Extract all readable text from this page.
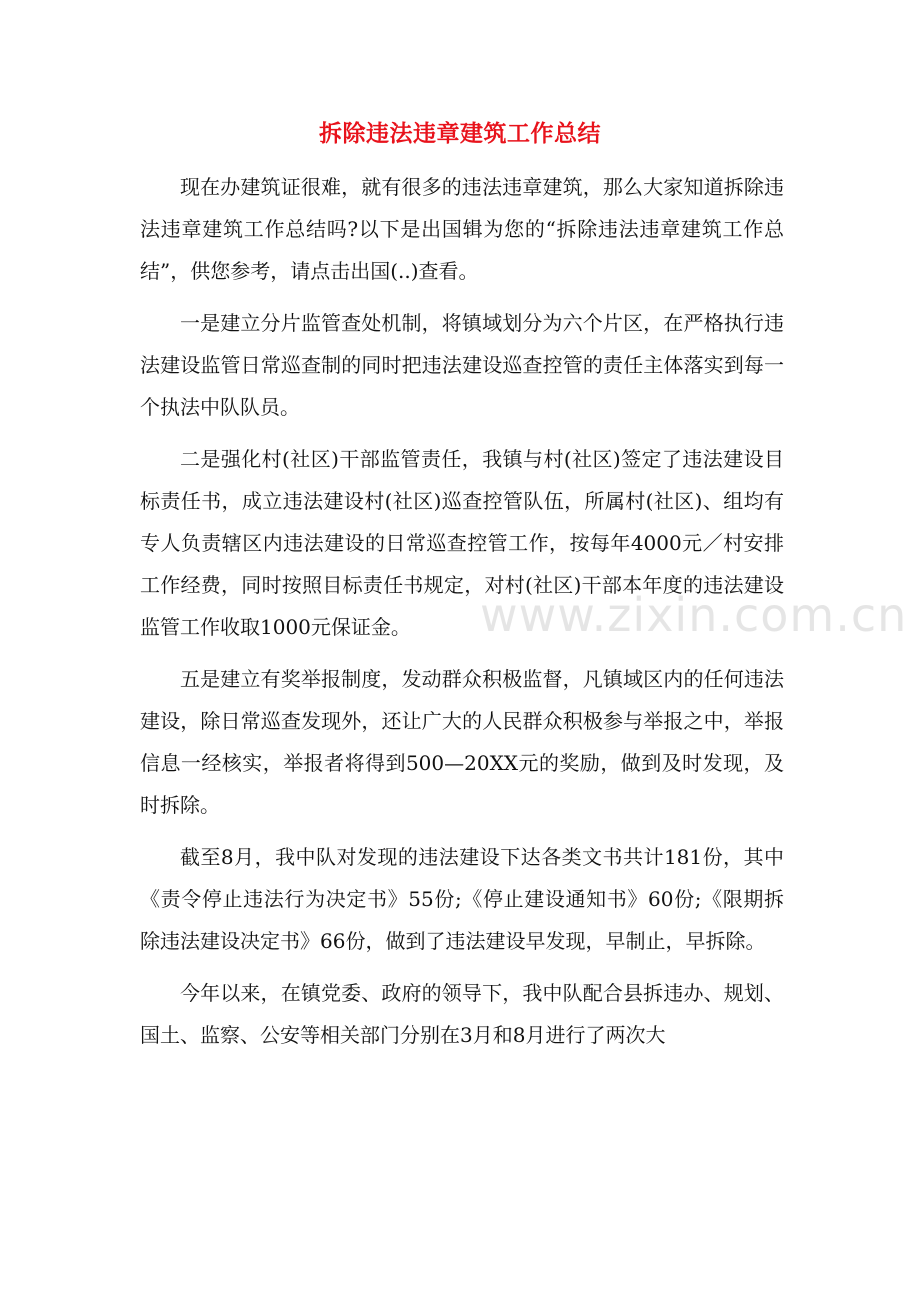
拆除违法违章建筑工作总结

现在办建筑证很难，就有很多的违法违章建筑，那么大家知道拆除违法违章建筑工作总结吗?以下是出国辑为您的“拆除违法违章建筑工作总结”，供您参考，请点击出国(..)查看。

一是建立分片监管查处机制，将镇域划分为六个片区，在严格执行违法建设监管日常巡查制的同时把违法建设巡查控管的责任主体落实到每一个执法中队队员。

二是强化村(社区)干部监管责任，我镇与村(社区)签定了违法建设目标责任书，成立违法建设村(社区)巡查控管队伍，所属村(社区)、组均有专人负责辖区内违法建设的日常巡查控管工作，按每年4000元／村安排工作经费，同时按照目标责任书规定，对村(社区)干部本年度的违法建设监管工作收取1000元保证金。

五是建立有奖举报制度，发动群众积极监督，凡镇域区内的任何违法建设，除日常巡查发现外，还让广大的人民群众积极参与举报之中，举报信息一经核实，举报者将得到500—20XX元的奖励，做到及时发现，及时拆除。

截至8月，我中队对发现的违法建设下达各类文书共计181份，其中《责令停止违法行为决定书》55份;《停止建设通知书》60份;《限期拆除违法建设决定书》66份，做到了违法建设早发现，早制止，早拆除。

今年以来，在镇党委、政府的领导下，我中队配合县拆违办、规划、国土、监察、公安等相关部门分别在3月和8月进行了两次大

www.zixin.com.cn
